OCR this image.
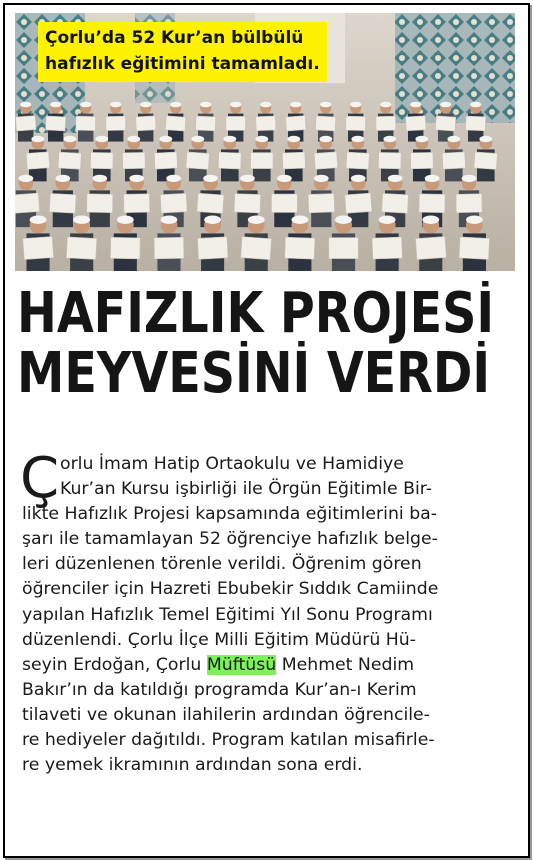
Çorlu’da 52 Kur’an bülbülü
hafızlık eğitimini tamamladı.
HAFIZLIK PROJESİ
MEYVESİNİ VERDİ
Ç orlu İmam Hatip Ortaokulu ve Hamidiye
Kur’an Kursu işbirliği ile Örgün Eğitimle Bir-
likte Hafızlık Projesi kapsamında eğitimlerini ba-
şarı ile tamamlayan 52 öğrenciye hafızlık belge-
leri düzenlenen törenle verildi. Öğrenim gören
öğrenciler için Hazreti Ebubekir Sıddık Camiinde
yapılan Hafızlık Temel Eğitimi Yıl Sonu Programı
düzenlendi. Çorlu İlçe Milli Eğitim Müdürü Hü-
seyin Erdoğan, Çorlu Müftüsü Mehmet Nedim
Bakır’ın da katıldığı programda Kur’an-ı Kerim
tilaveti ve okunan ilahilerin ardından öğrencile-
re hediyeler dağıtıldı. Program katılan misafirle-
re yemek ikramının ardından sona erdi.
